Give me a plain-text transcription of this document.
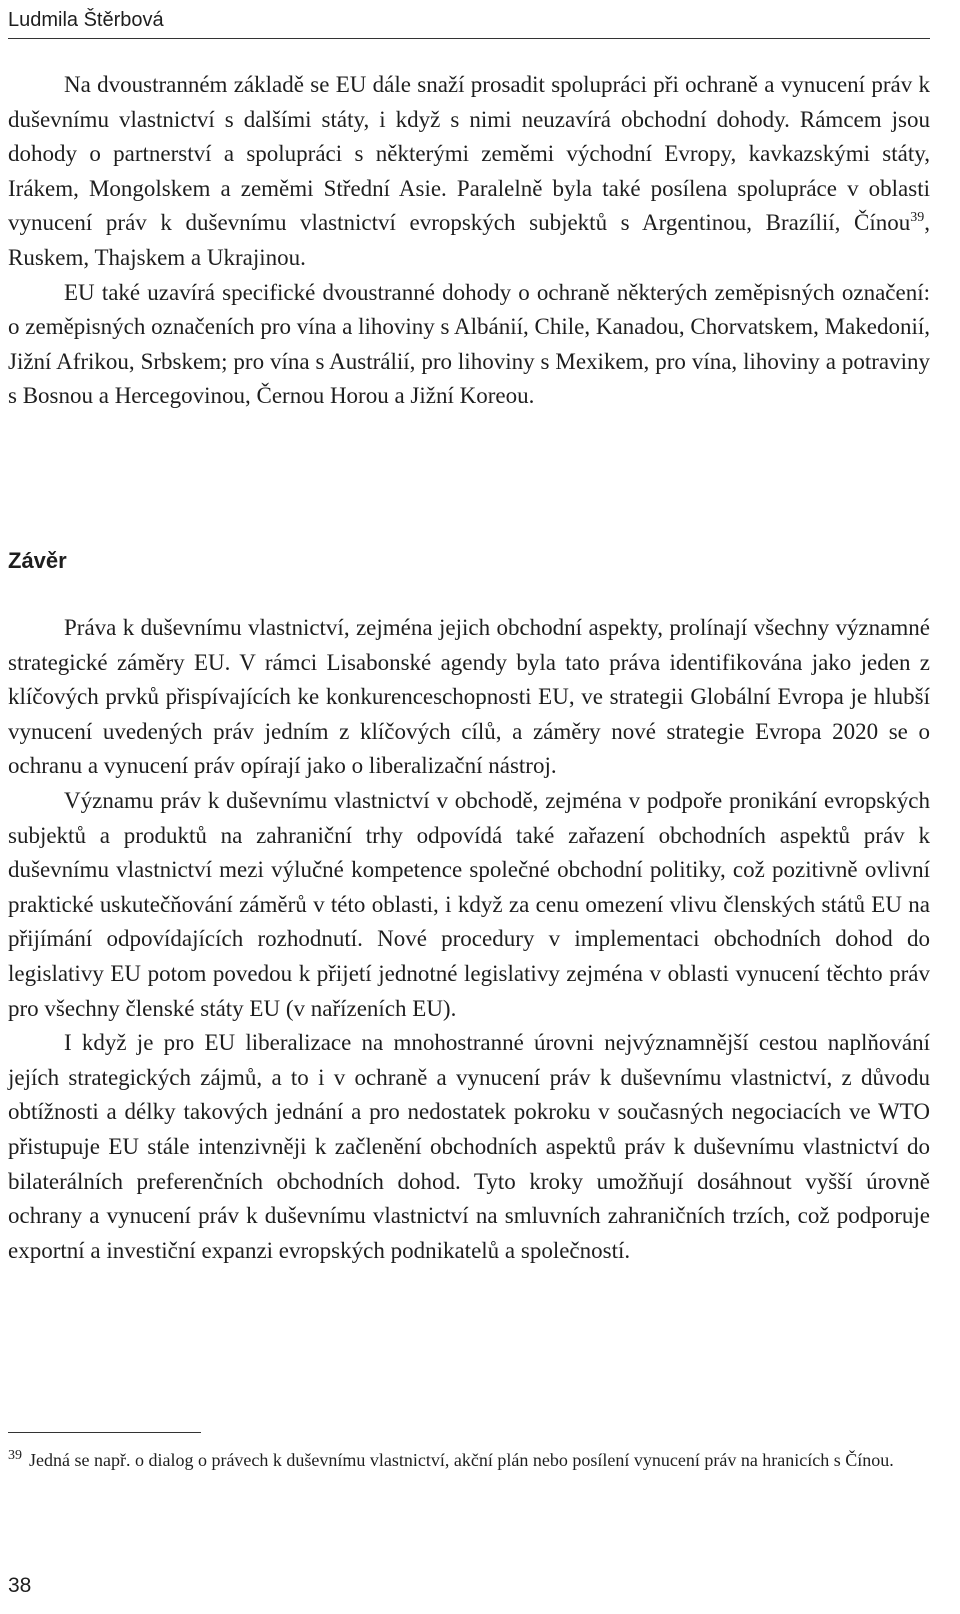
Ludmila Štěrbová

Na dvoustranném základě se EU dále snaží prosadit spolupráci při ochraně a vynucení práv k duševnímu vlastnictví s dalšími státy, i když s nimi neuzavírá obchodní dohody. Rámcem jsou dohody o partnerství a spolupráci s některými zeměmi východní Evropy, kavkazskými státy, Irákem, Mongolskem a zeměmi Střední Asie. Paralelně byla také posílena spolupráce v oblasti vynucení práv k duševnímu vlastnictví evropských subjektů s Argentinou, Brazílií, Čínou$^{39}$, Ruskem, Thajskem a Ukrajinou.

EU také uzavírá specifické dvoustranné dohody o ochraně některých zeměpisných označení: o zeměpisných označeních pro vína a lihoviny s Albánií, Chile, Kanadou, Chorvatskem, Makedonií, Jižní Afrikou, Srbskem; pro vína s Austrálií, pro lihoviny s Mexikem, pro vína, lihoviny a potraviny s Bosnou a Hercegovinou, Černou Horou a Jižní Koreou.

Závěr

Práva k duševnímu vlastnictví, zejména jejich obchodní aspekty, prolínají všechny významné strategické záměry EU. V rámci Lisabonské agendy byla tato práva identifikována jako jeden z klíčových prvků přispívajících ke konkurenceschopnosti EU, ve strategii Globální Evropa je hlubší vynucení uvedených práv jedním z klíčových cílů, a záměry nové strategie Evropa 2020 se o ochranu a vynucení práv opírají jako o liberalizační nástroj.

Významu práv k duševnímu vlastnictví v obchodě, zejména v podpoře pronikání evropských subjektů a produktů na zahraniční trhy odpovídá také zařazení obchodních aspektů práv k duševnímu vlastnictví mezi výlučné kompetence společné obchodní politiky, což pozitivně ovlivní praktické uskutečňování záměrů v této oblasti, i když za cenu omezení vlivu členských států EU na přijímání odpovídajících rozhodnutí. Nové procedury v implementaci obchodních dohod do legislativy EU potom povedou k přijetí jednotné legislativy zejména v oblasti vynucení těchto práv pro všechny členské státy EU (v nařízeních EU).

I když je pro EU liberalizace na mnohostranné úrovni nejvýznamnější cestou naplňování jejích strategických zájmů, a to i v ochraně a vynucení práv k duševnímu vlastnictví, z důvodu obtížnosti a délky takových jednání a pro nedostatek pokroku v současných negociacích ve WTO přistupuje EU stále intenzivněji k začlenění obchodních aspektů práv k duševnímu vlastnictví do bilaterálních preferenčních obchodních dohod. Tyto kroky umožňují dosáhnout vyšší úrovně ochrany a vynucení práv k duševnímu vlastnictví na smluvních zahraničních trzích, což podporuje exportní a investiční expanzi evropských podnikatelů a společností.

39 Jedná se např. o dialog o právech k duševnímu vlastnictví, akční plán nebo posílení vynucení práv na hranicích s Čínou.
38
